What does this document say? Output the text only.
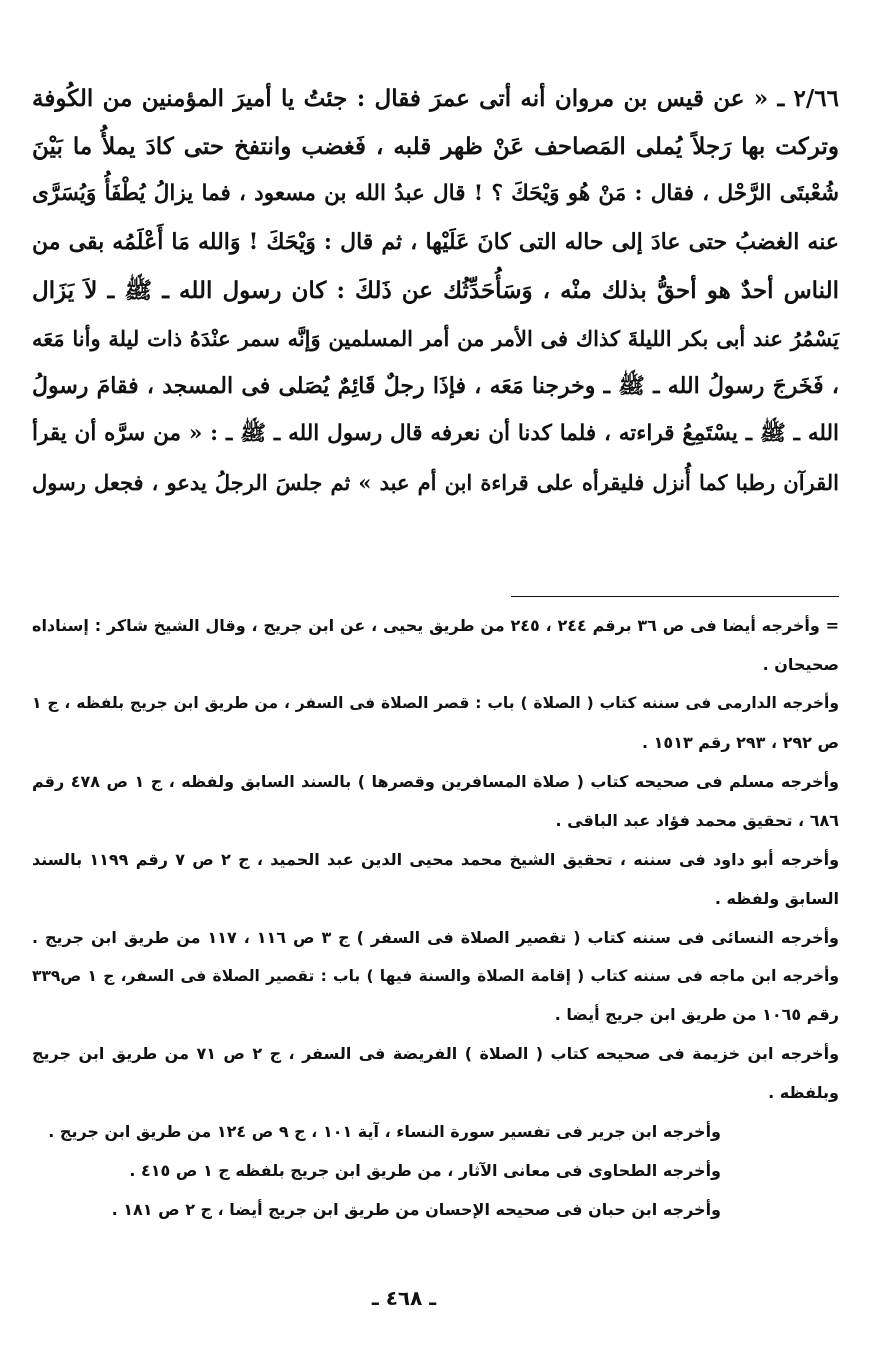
٢/٦٦ ـ « عن قيس بن مروان أنه أتى عمرَ فقال : جئتُ يا أميرَ المؤمنين من الكُوفة
وتركت بها رَجلاً يُملى المَصاحف عَنْ ظهر قلبه ، فَغضب وانتفخ حتى كادَ يملأُ ما بَيْنَ
شُعْبتَى الرَّحْل ، فقال : مَنْ هُو وَيْحَكَ ؟ ! قال عبدُ الله بن مسعود ، فما يزالُ يُطْفَأُ وَيُسَرَّى
عنه الغضبُ حتى عادَ إلى حاله التى كانَ عَلَيْها ، ثم قال : وَيْحَكَ ! وَالله مَا أَعْلَمُه بقى من
الناس أحدٌ هو أحقُّ بذلك منْه ، وَسَأُحَدِّثُك عن ذَلكَ : كان رسول الله ـ ﷺ ـ لاَ يَزَال
يَسْمُرُ عند أبى بكر الليلةَ كذاك فى الأمر من أمر المسلمين وَإنَّه سمر عنْدَهُ ذات ليلة وأنا مَعَه
، فَخَرجَ رسولُ الله ـ ﷺ ـ وخرجنا مَعَه ، فإذَا رجلٌ قَائِمٌ يُصَلى فى المسجد ، فقامَ رسولُ
الله ـ ﷺ ـ يسْتَمِعُ قراءته ، فلما كدنا أن نعرفه قال رسول الله ـ ﷺ ـ : « من سرَّه أن يقرأ
القرآن رطبا كما أُنزل فليقرأه على قراءة ابن أم عبد » ثم جلسَ الرجلُ يدعو ، فجعل رسول
= وأخرجه أيضا فى ص ٣٦ برقم ٢٤٤ ، ٢٤٥ من طريق يحيى ، عن ابن جريج ، وقال الشيخ شاكر : إسناداه
صحيحان .
وأخرجه الدارمى فى سننه كتاب ( الصلاة ) باب : قصر الصلاة فى السفر ، من طريق ابن جريج بلفظه ، ج ١
ص ٢٩٢ ، ٢٩٣ رقم ١٥١٣ .
وأخرجه مسلم فى صحيحه كتاب ( صلاة المسافرين وقصرها ) بالسند السابق ولفظه ، ج ١ ص ٤٧٨ رقم
٦٨٦ ، تحقيق محمد فؤاد عبد الباقى .
وأخرجه أبو داود فى سننه ، تحقيق الشيخ محمد محيى الدين عبد الحميد ، ج ٢ ص ٧ رقم ١١٩٩ بالسند
السابق ولفظه .
وأخرجه النسائى فى سننه كتاب ( تقصير الصلاة فى السفر ) ج ٣ ص ١١٦ ، ١١٧ من طريق ابن جريج .
وأخرجه ابن ماجه فى سننه كتاب ( إقامة الصلاة والسنة فيها ) باب : تقصير الصلاة فى السفر، ج ١ ص٣٣٩
رقم ١٠٦٥ من طريق ابن جريج أيضا .
وأخرجه ابن خزيمة فى صحيحه كتاب ( الصلاة ) الفريضة فى السفر ، ج ٢ ص ٧١ من طريق ابن جريج
وبلفظه .
وأخرجه ابن جرير فى تفسير سورة النساء ، آية ١٠١ ، ج ٩ ص ١٢٤ من طريق ابن جريج .
وأخرجه الطحاوى فى معانى الآثار ، من طريق ابن جريج بلفظه ج ١ ص ٤١٥ .
وأخرجه ابن حبان فى صحيحه الإحسان من طريق ابن جريج أيضا ، ج ٢ ص ١٨١ .
ـ ٤٦٨ ـ
